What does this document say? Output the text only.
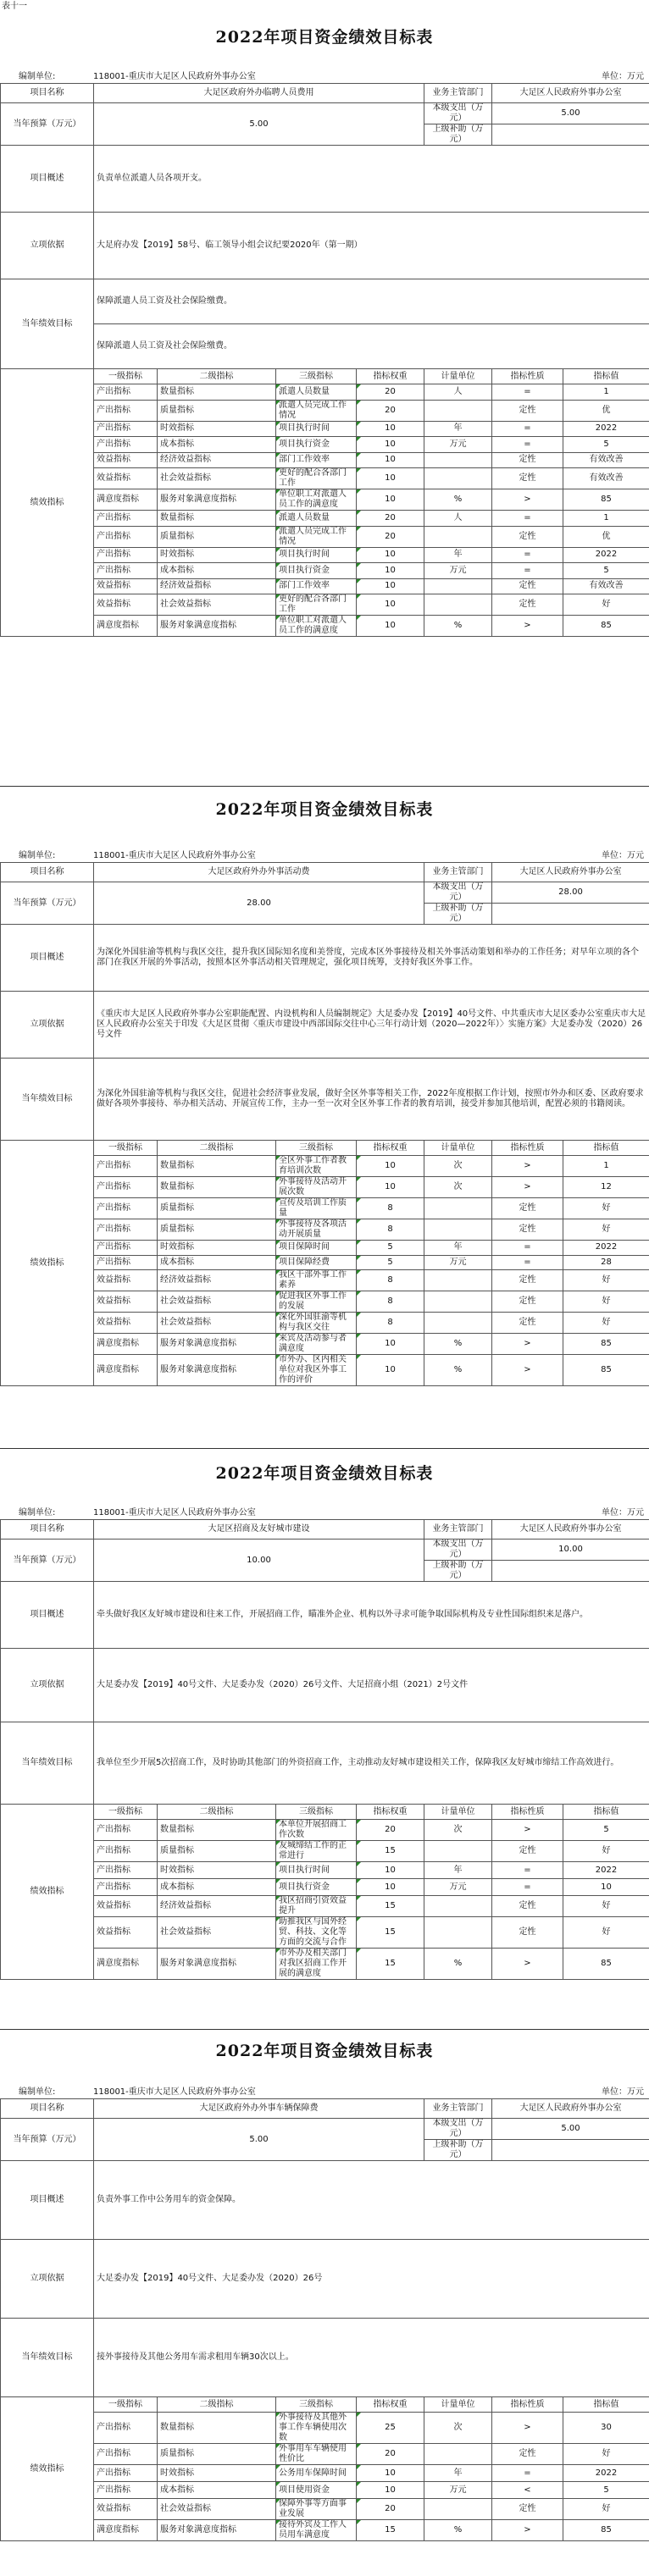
表十一
2022年项目资金绩效目标表
编制单位:	118001-重庆市大足区人民政府外事办公室	单位：万元
项目名称	大足区政府外办临聘人员费用				业务主管部门	大足区人民政府外事办公室	
当年预算（万元）	5.00				本级支出（万元）	5.00	
					上级补助（万元）		
项目概述	负责单位派遣人员各项开支。						
立项依据	大足府办发【2019】58号、临工领导小组会议纪要2020年（第一期）						
当年绩效目标	保障派遣人员工资及社会保险缴费。						
	保障派遣人员工资及社会保险缴费。						
绩效指标	一级指标	二级指标	三级指标	指标权重	计量单位	指标性质	指标值
	产出指标	数量指标	派遣人员数量	20	人	=	1
	产出指标	质量指标	派遣人员完成工作情况	20		定性	优
	产出指标	时效指标	项目执行时间	10	年	=	2022
	产出指标	成本指标	项目执行资金	10	万元	=	5
	效益指标	经济效益指标	部门工作效率	10		定性	有效改善
	效益指标	社会效益指标	更好的配合各部门工作	10		定性	有效改善
	满意度指标	服务对象满意度指标	单位职工对派遣人员工作的满意度	10	%	>	85
	产出指标	数量指标	派遣人员数量	20	人	=	1
	产出指标	质量指标	派遣人员完成工作情况	20		定性	优
	产出指标	时效指标	项目执行时间	10	年	=	2022
	产出指标	成本指标	项目执行资金	10	万元	=	5
	效益指标	经济效益指标	部门工作效率	10		定性	有效改善
	效益指标	社会效益指标	更好的配合各部门工作	10		定性	好
	满意度指标	服务对象满意度指标	单位职工对派遣人员工作的满意度	10	%	>	85
2022年项目资金绩效目标表
编制单位:	118001-重庆市大足区人民政府外事办公室	单位：万元
项目名称	大足区政府外办外事活动费				业务主管部门	大足区人民政府外事办公室	
当年预算（万元）	28.00				本级支出（万元）	28.00	
					上级补助（万元）		
项目概述	为深化外国驻渝等机构与我区交往，提升我区国际知名度和美誉度，完成本区外事接待及相关外事活动策划和举办的工作任务；对早年立项的各个部门在我区开展的外事活动，按照本区外事活动相关管理规定，强化项目统筹，支持好我区外事工作。						
立项依据	《重庆市大足区人民政府外事办公室职能配置、内设机构和人员编制规定》大足委办发【2019】40号文件、中共重庆市大足区委办公室重庆市大足区人民政府办公室关于印发《大足区贯彻〈重庆市建设中西部国际交往中心三年行动计划（2020—2022年）〉实施方案》大足委办发（2020）26号文件						
当年绩效目标	为深化外国驻渝等机构与我区交往，促进社会经济事业发展，做好全区外事等相关工作，2022年度根据工作计划，按照市外办和区委、区政府要求做好各项外事接待、举办相关活动、开展宣传工作，主办一至一次对全区外事工作者的教育培训，接受并参加其他培训，配置必须的书籍阅读。						
绩效指标	一级指标	二级指标	三级指标	指标权重	计量单位	指标性质	指标值
	产出指标	数量指标	全区外事工作者教育培训次数	10	次	>	1
	产出指标	数量指标	外事接待及活动开展次数	10	次	>	12
	产出指标	质量指标	宣传及培训工作质量	8		定性	好
	产出指标	质量指标	外事接待及各项活动开展质量	8		定性	好
	产出指标	时效指标	项目保障时间	5	年	=	2022
	产出指标	成本指标	项目保障经费	5	万元	=	28
	效益指标	经济效益指标	我区干部外事工作素养	8		定性	好
	效益指标	社会效益指标	促进我区外事工作的发展	8		定性	好
	效益指标	社会效益指标	深化外国驻渝等机构与我区交往	8		定性	好
	满意度指标	服务对象满意度指标	来宾及活动参与者满意度	10	%	>	85
	满意度指标	服务对象满意度指标	市外办、区内相关单位对我区外事工作的评价	10	%	>	85
2022年项目资金绩效目标表
编制单位:	118001-重庆市大足区人民政府外事办公室	单位：万元
项目名称	大足区招商及友好城市建设				业务主管部门	大足区人民政府外事办公室	
当年预算（万元）	10.00				本级支出（万元）	10.00	
					上级补助（万元）		
项目概述	牵头做好我区友好城市建设和往来工作，开展招商工作，瞄准外企业、机构以外寻求可能争取国际机构及专业性国际组织来足落户。						
立项依据	大足委办发【2019】40号文件、大足委办发（2020）26号文件、大足招商小组（2021）2号文件						
当年绩效目标	我单位至少开展5次招商工作，及时协助其他部门的外资招商工作，主动推动友好城市建设相关工作，保障我区友好城市缔结工作高效进行。						
绩效指标	一级指标	二级指标	三级指标	指标权重	计量单位	指标性质	指标值
	产出指标	数量指标	本单位开展招商工作次数	20	次	>	5
	产出指标	质量指标	友城缔结工作的正常进行	15		定性	好
	产出指标	时效指标	项目执行时间	10	年	=	2022
	产出指标	成本指标	项目执行资金	10	万元	=	10
	效益指标	经济效益指标	我区招商引资效益提升	15		定性	好
	效益指标	社会效益指标	助推我区与国外经贸、科技、文化等方面的交流与合作	15		定性	好
	满意度指标	服务对象满意度指标	市外办及相关部门对我区招商工作开展的满意度	15	%	>	85
2022年项目资金绩效目标表
编制单位:	118001-重庆市大足区人民政府外事办公室	单位：万元
项目名称	大足区政府外办外事车辆保障费				业务主管部门	大足区人民政府外事办公室	
当年预算（万元）	5.00				本级支出（万元）	5.00	
					上级补助（万元）		
项目概述	负责外事工作中公务用车的资金保障。						
立项依据	大足委办发【2019】40号文件、大足委办发（2020）26号						
当年绩效目标	接外事接待及其他公务用车需求租用车辆30次以上。						
绩效指标	一级指标	二级指标	三级指标	指标权重	计量单位	指标性质	指标值
	产出指标	数量指标	外事接待及其他外事工作车辆使用次数	25	次	>	30
	产出指标	质量指标	外事用车车辆使用性价比	20		定性	好
	产出指标	时效指标	公务用车保障时间	10	年	=	2022
	产出指标	成本指标	项目使用资金	10	万元	<	5
	效益指标	社会效益指标	保障外事等方面事业发展	20		定性	好
	满意度指标	服务对象满意度指标	接待外宾及工作人员用车满意度	15	%	>	85
